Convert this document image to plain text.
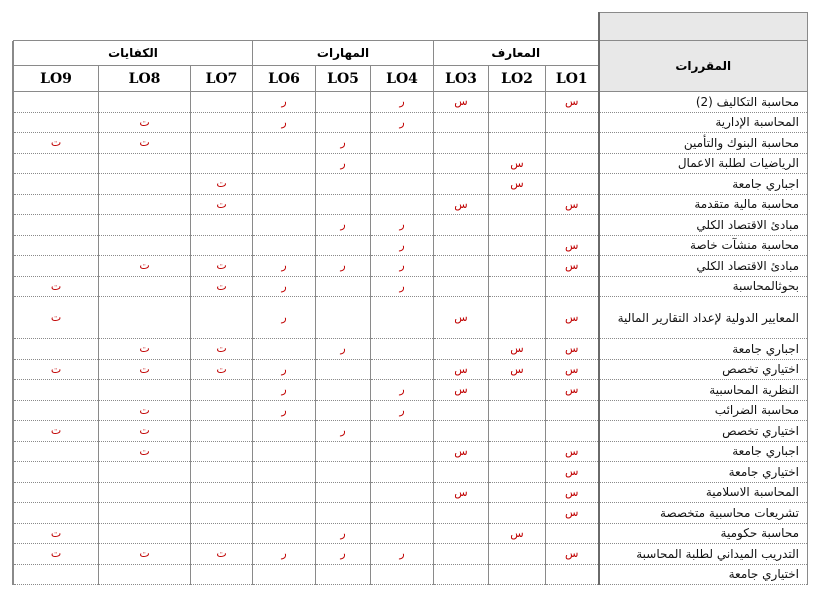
	الكفايات			المهارات			المعارف			المقررات
	LO9	LO8	LO7	LO6	LO5	LO4	LO3	LO2	LO1	
				ر		ر	س		س	محاسبة التكاليف (2)
		ت		ر		ر				المحاسبة الإدارية
	ت	ت			ر					محاسبة البنوك والتأمين
					ر			س		الرياضيات لطلبة الاعمال
			ت					س		اجباري جامعة
			ت				س		س	محاسبة مالية متقدمة
					ر	ر				مبادئ الاقتصاد الكلي
						ر			س	محاسبة منشآت خاصة
		ت	ت	ر	ر	ر			س	مبادئ الاقتصاد الكلي
	ت		ت	ر		ر				بحوثالمحاسبة
	ت			ر			س		س	المعايير الدولية لإعداد التقارير المالية
		ت	ت		ر			س	س	اجباري جامعة
	ت	ت	ت	ر			س	س	س	اختياري تخصص
				ر		ر	س		س	النظرية المحاسبية
		ت		ر		ر				محاسبة الضرائب
	ت	ت			ر					اختياري تخصص
		ت					س		س	اجباري جامعة
									س	اختياري جامعة
							س		س	المحاسبة الاسلامية
									س	تشريعات محاسبية متخصصة
	ت				ر			س		محاسبة حكومية
	ت	ت	ت	ر	ر	ر			س	التدريب الميداني لطلبة المحاسبة
										اختياري جامعة
